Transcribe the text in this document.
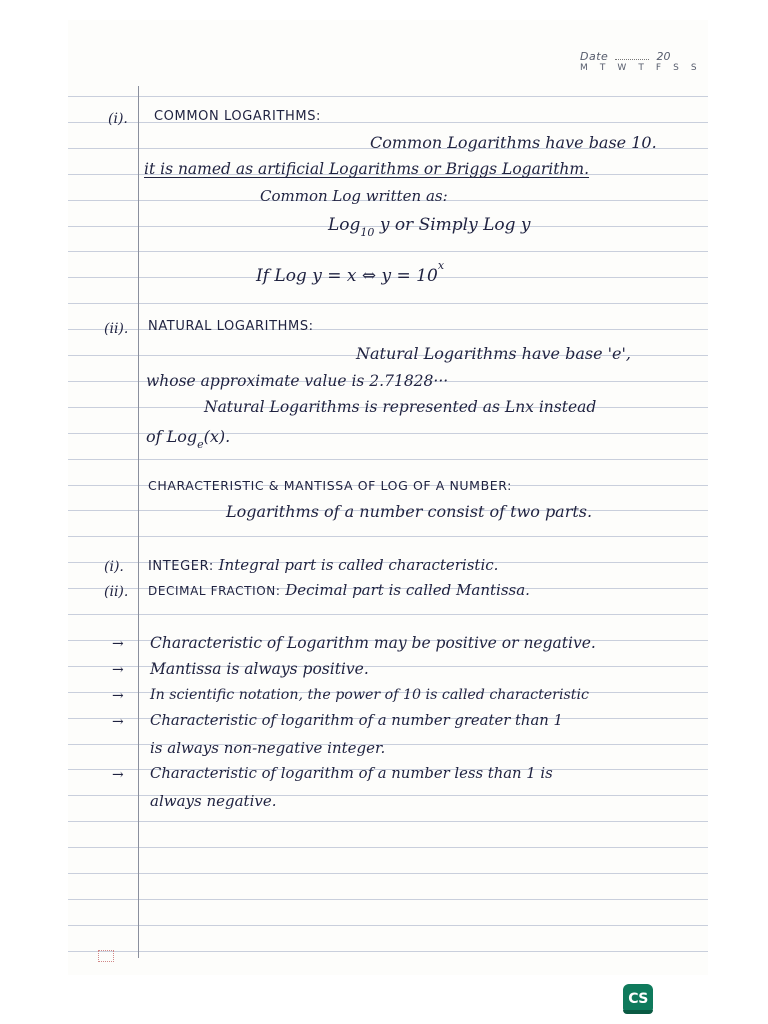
Date	20
M T W T F S S
(i). COMMON LOGARITHMS:
Common Logarithms have base 10.
it is named as artificial Logarithms or Briggs Logarithm.
Common Log written as:
Log$_{10}$ y or Simply Log y
If Log y = x ⇔ $y = 10^x$
(ii). NATURAL LOGARITHMS:
Natural Logarithms have base 'e',
whose approximate value is 2.71828···
Natural Logarithms is represented as Lnx instead
of Log$_e$(x).
CHARACTERISTIC & MANTISSA OF LOG OF A NUMBER:
Logarithms of a number consist of two parts.
(i). INTEGER: Integral part is called characteristic.
(ii). DECIMAL FRACTION: Decimal part is called Mantissa.
→ Characteristic of Logarithm may be positive or negative.
→ Mantissa is always positive.
→ In scientific notation, the power of 10 is called characteristic
→ Characteristic of logarithm of a number greater than 1
is always non-negative integer.
→ Characteristic of logarithm of a number less than 1 is
always negative.
CS
